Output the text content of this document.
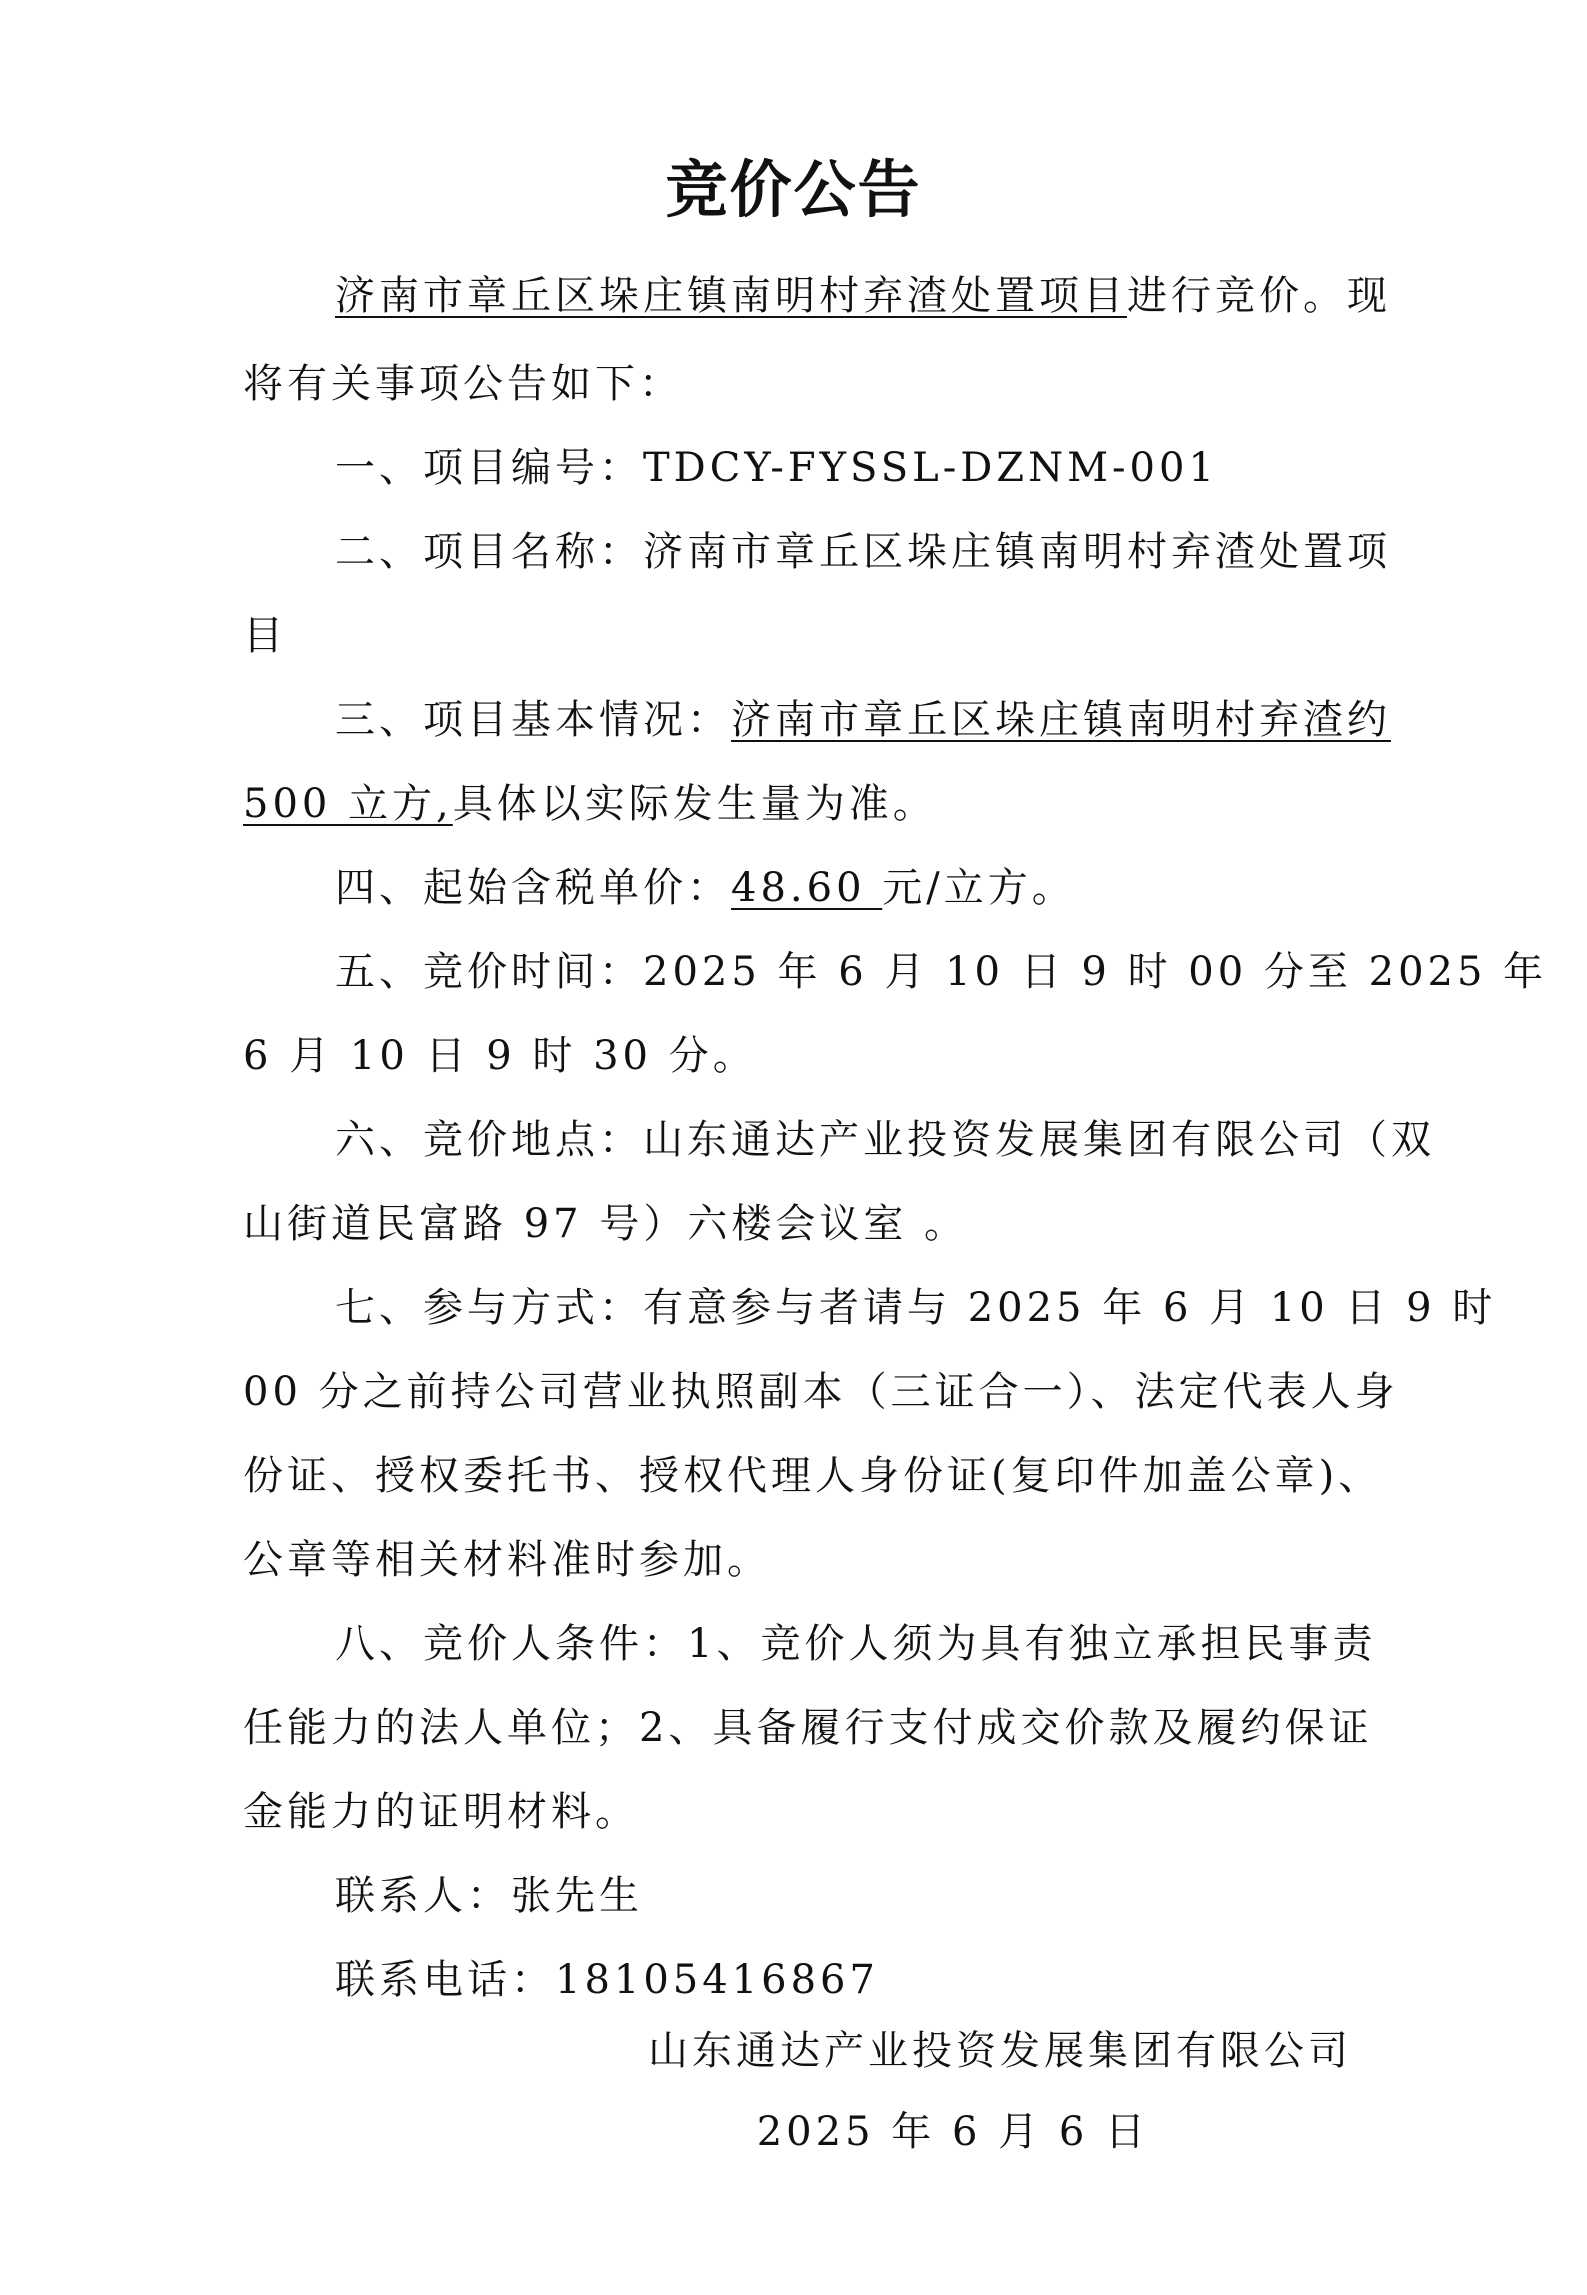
竞价公告
济南市章丘区垛庄镇南明村弃渣处置项目进行竞价。现
将有关事项公告如下：
一、项目编号：TDCY-FYSSL-DZNM-001
二、项目名称：济南市章丘区垛庄镇南明村弃渣处置项
目
三、项目基本情况：济南市章丘区垛庄镇南明村弃渣约
500 立方,具体以实际发生量为准。
四、起始含税单价：48.60 元/立方。
五、竞价时间：2025 年 6 月 10 日 9 时 00 分至 2025 年
6 月 10 日 9 时 30 分。
六、竞价地点：山东通达产业投资发展集团有限公司（双
山街道民富路 97 号）六楼会议室 。
七、参与方式：有意参与者请与 2025 年 6 月 10 日 9 时
00 分之前持公司营业执照副本（三证合一）、法定代表人身
份证、授权委托书、授权代理人身份证(复印件加盖公章)、
公章等相关材料准时参加。
八、竞价人条件：1、竞价人须为具有独立承担民事责
任能力的法人单位；2、具备履行支付成交价款及履约保证
金能力的证明材料。
联系人：张先生
联系电话：18105416867
山东通达产业投资发展集团有限公司
2025 年 6 月 6 日
